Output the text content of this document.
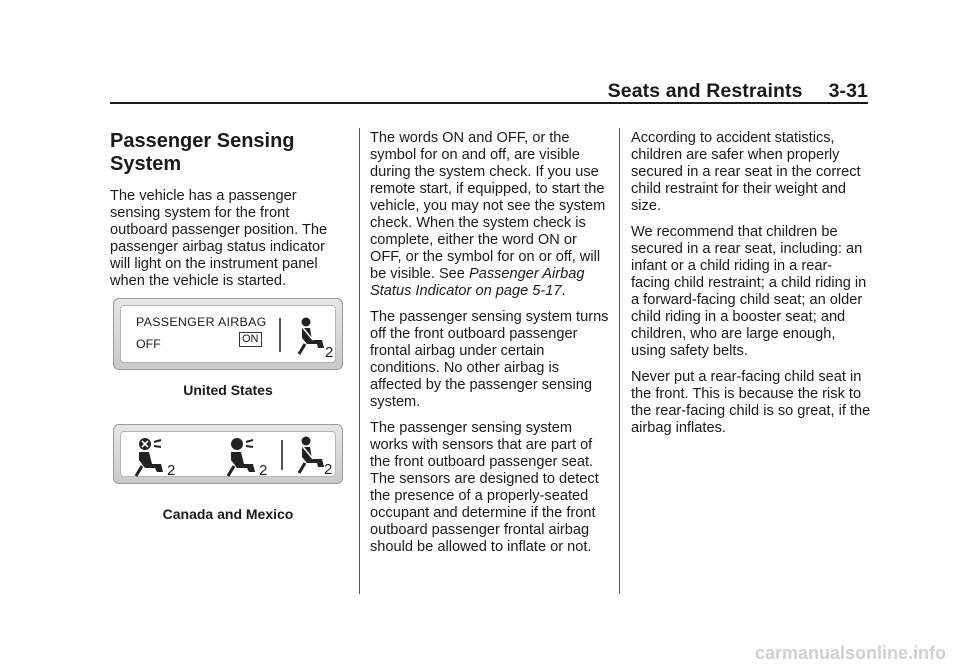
Seats and Restraints 3-31
Passenger Sensing System

The vehicle has a passenger sensing system for the front outboard passenger position. The passenger airbag status indicator will light on the instrument panel when the vehicle is started.

PASSENGER AIRBAG
OFF	ON
2
United States
2	2	2
Canada and Mexico

The words ON and OFF, or the symbol for on and off, are visible during the system check. If you use remote start, if equipped, to start the vehicle, you may not see the system check. When the system check is complete, either the word ON or OFF, or the symbol for on or off, will be visible. See Passenger Airbag Status Indicator on page 5-17.

The passenger sensing system turns off the front outboard passenger frontal airbag under certain conditions. No other airbag is affected by the passenger sensing system.

The passenger sensing system works with sensors that are part of the front outboard passenger seat. The sensors are designed to detect the presence of a properly-seated occupant and determine if the front outboard passenger frontal airbag should be allowed to inflate or not.

According to accident statistics, children are safer when properly secured in a rear seat in the correct child restraint for their weight and size.

We recommend that children be secured in a rear seat, including: an infant or a child riding in a rear-facing child restraint; a child riding in a forward-facing child seat; an older child riding in a booster seat; and children, who are large enough, using safety belts.

Never put a rear-facing child seat in the front. This is because the risk to the rear-facing child is so great, if the airbag inflates.

carmanualsonline.info
